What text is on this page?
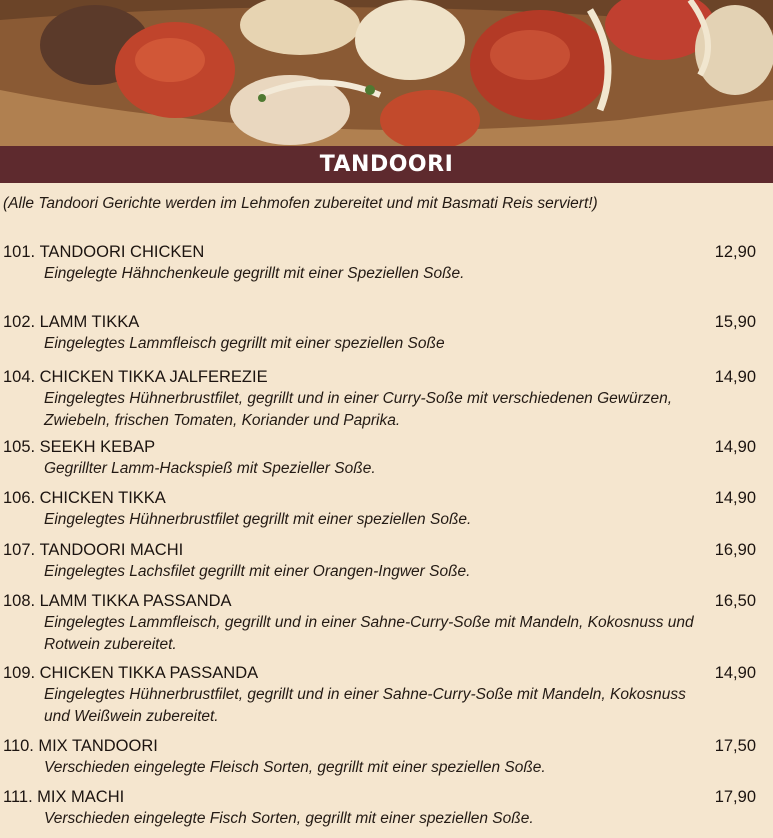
TANDOORI
(Alle Tandoori Gerichte werden im Lehmofen zubereitet und mit Basmati Reis serviert!)
101. TANDOORI CHICKEN	12,90
Eingelegte Hähnchenkeule gegrillt mit einer Speziellen Soße.
102. LAMM TIKKA	15,90
Eingelegtes Lammfleisch gegrillt mit einer speziellen Soße
104. CHICKEN TIKKA JALFEREZIE	14,90
Eingelegtes Hühnerbrustfilet, gegrillt und in einer Curry-Soße mit verschiedenen Gewürzen, Zwiebeln, frischen Tomaten, Koriander und Paprika.
105. SEEKH KEBAP	14,90
Gegrillter Lamm-Hackspieß mit Spezieller Soße.
106. CHICKEN TIKKA	14,90
Eingelegtes Hühnerbrustfilet gegrillt mit einer speziellen Soße.
107. TANDOORI MACHI	16,90
Eingelegtes Lachsfilet gegrillt mit einer Orangen-Ingwer Soße.
108. LAMM TIKKA PASSANDA	16,50
Eingelegtes Lammfleisch, gegrillt und in einer Sahne-Curry-Soße mit Mandeln, Kokosnuss und Rotwein zubereitet.
109. CHICKEN TIKKA PASSANDA	14,90
Eingelegtes Hühnerbrustfilet, gegrillt und in einer Sahne-Curry-Soße mit Mandeln, Kokosnuss und Weißwein zubereitet.
110. MIX TANDOORI	17,50
Verschieden eingelegte Fleisch Sorten, gegrillt mit einer speziellen Soße.
111. MIX MACHI	17,90
Verschieden eingelegte Fisch Sorten, gegrillt mit einer speziellen Soße.
